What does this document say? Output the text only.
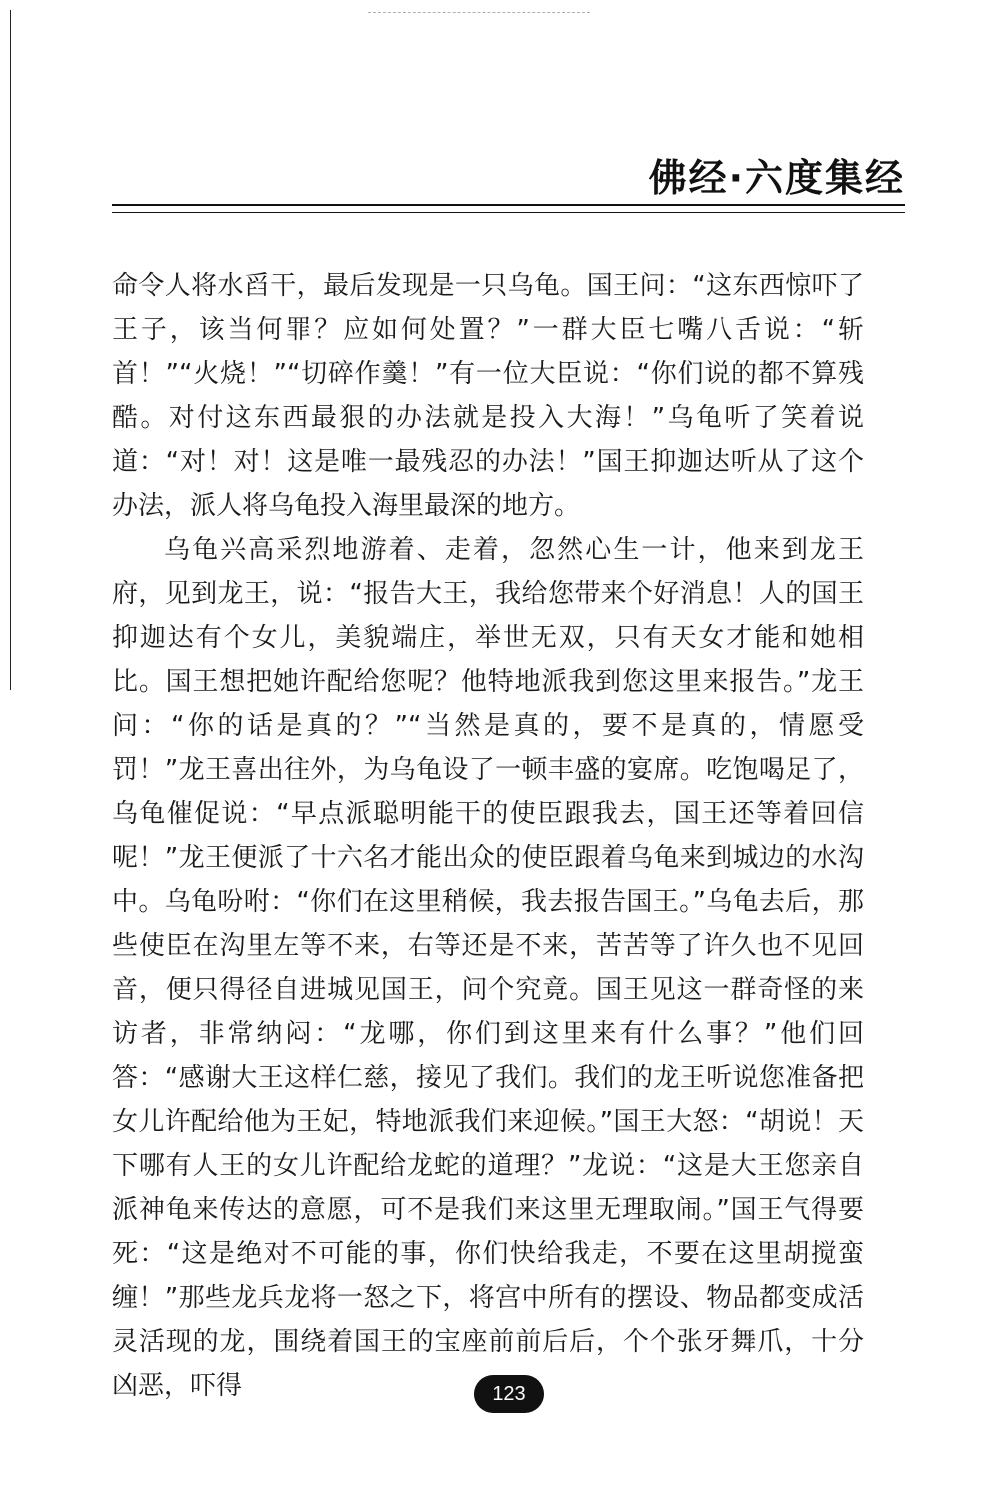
佛经·六度集经

命令人将水舀干，最后发现是一只乌龟。国王问：“这东西惊吓了王子，该当何罪？应如何处置？”一群大臣七嘴八舌说：“斩首！”“火烧！”“切碎作羹！”有一位大臣说：“你们说的都不算残酷。对付这东西最狠的办法就是投入大海！”乌龟听了笑着说道：“对！对！这是唯一最残忍的办法！”国王抑迦达听从了这个办法，派人将乌龟投入海里最深的地方。

乌龟兴高采烈地游着、走着，忽然心生一计，他来到龙王府，见到龙王，说：“报告大王，我给您带来个好消息！人的国王抑迦达有个女儿，美貌端庄，举世无双，只有天女才能和她相比。国王想把她许配给您呢？他特地派我到您这里来报告。”龙王问：“你的话是真的？”“当然是真的，要不是真的，情愿受罚！”龙王喜出往外，为乌龟设了一顿丰盛的宴席。吃饱喝足了，乌龟催促说：“早点派聪明能干的使臣跟我去，国王还等着回信呢！”龙王便派了十六名才能出众的使臣跟着乌龟来到城边的水沟中。乌龟吩咐：“你们在这里稍候，我去报告国王。”乌龟去后，那些使臣在沟里左等不来，右等还是不来，苦苦等了许久也不见回音，便只得径自进城见国王，问个究竟。国王见这一群奇怪的来访者，非常纳闷：“龙哪，你们到这里来有什么事？”他们回答：“感谢大王这样仁慈，接见了我们。我们的龙王听说您准备把女儿许配给他为王妃，特地派我们来迎候。”国王大怒：“胡说！天下哪有人王的女儿许配给龙蛇的道理？”龙说：“这是大王您亲自派神龟来传达的意愿，可不是我们来这里无理取闹。”国王气得要死：“这是绝对不可能的事，你们快给我走，不要在这里胡搅蛮缠！”那些龙兵龙将一怒之下，将宫中所有的摆设、物品都变成活灵活现的龙，围绕着国王的宝座前前后后，个个张牙舞爪，十分凶恶，吓得	123
